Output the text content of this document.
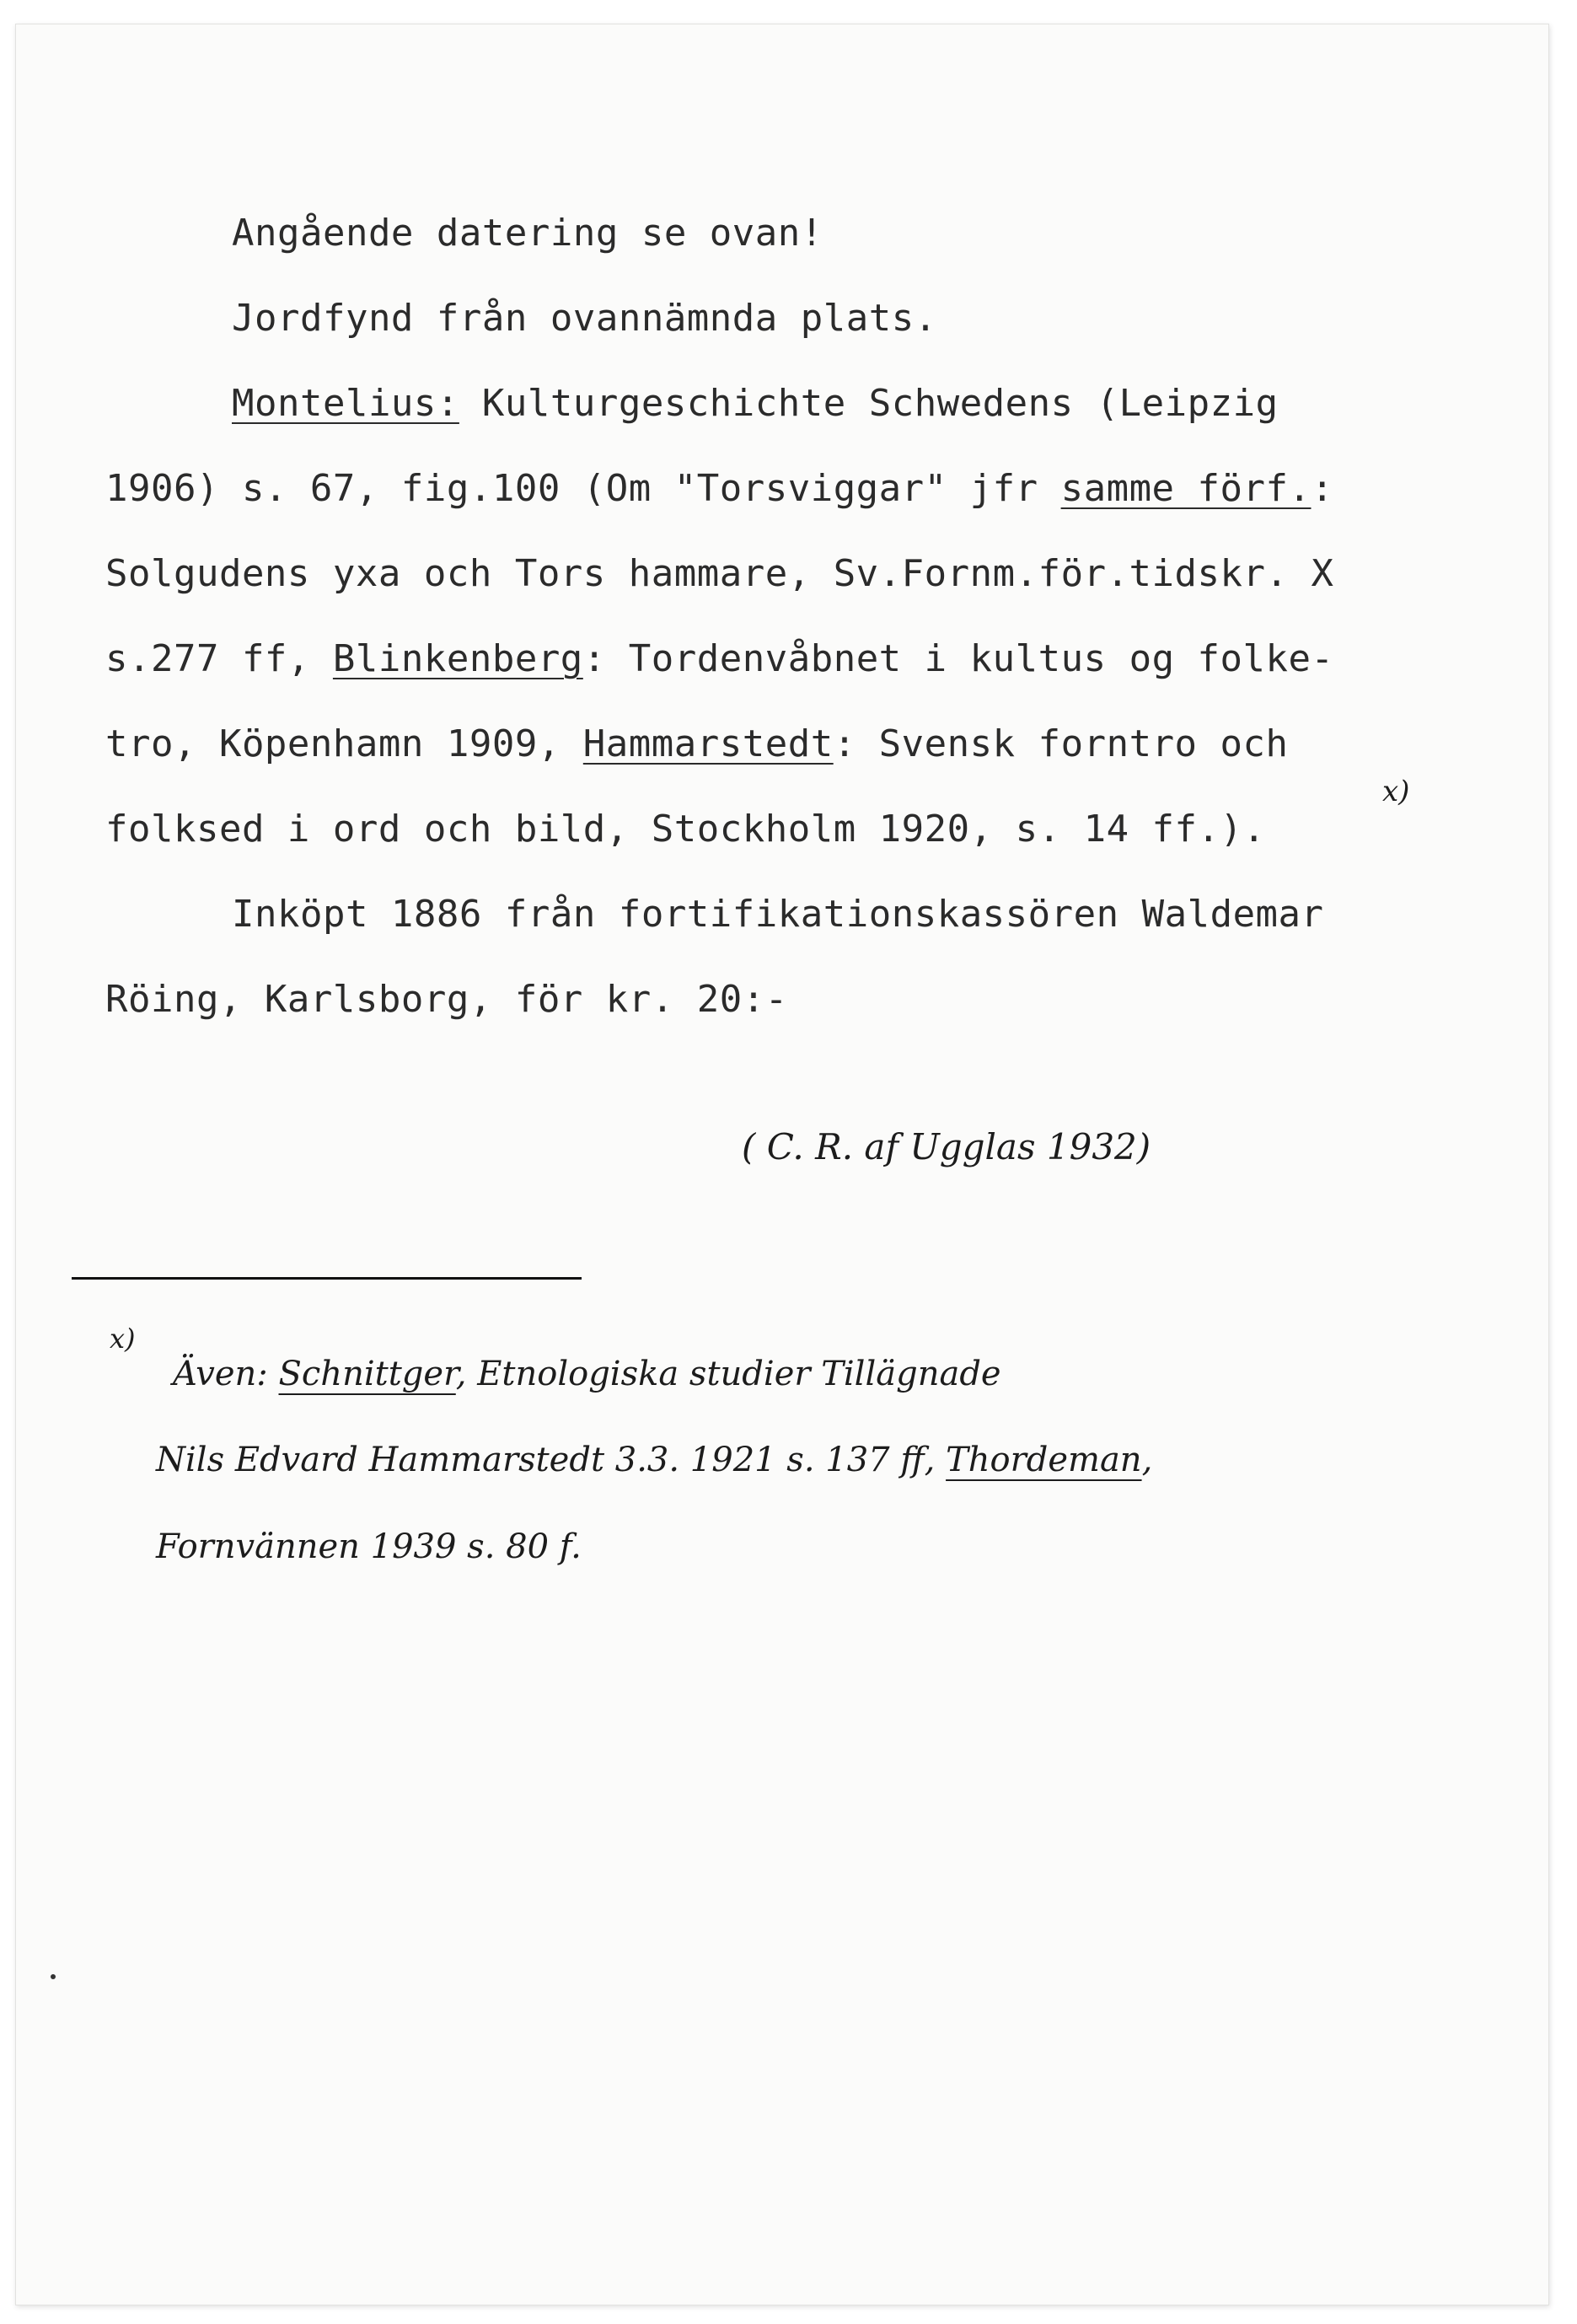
Angående datering se ovan!
Jordfynd från ovannämnda plats.
Montelius: Kulturgeschichte Schwedens (Leipzig
1906) s. 67, fig.100 (Om "Torsviggar" jfr samme förf.:
Solgudens yxa och Tors hammare, Sv.Fornm.för.tidskr. X
s.277 ff, Blinkenberg: Tordenvåbnet i kultus og folke-
tro, Köpenhamn 1909, Hammarstedt: Svensk forntro och
folksed i ord och bild, Stockholm 1920, s. 14 ff.).
x)
Inköpt 1886 från fortifikationskassören Waldemar
Röing, Karlsborg, för kr. 20:-
( C. R. af Ugglas 1932)
x)
Även: Schnittger, Etnologiska studier Tillägnade
Nils Edvard Hammarstedt 3.3. 1921 s. 137 ff, Thordeman,
Fornvännen 1939 s. 80 f.
